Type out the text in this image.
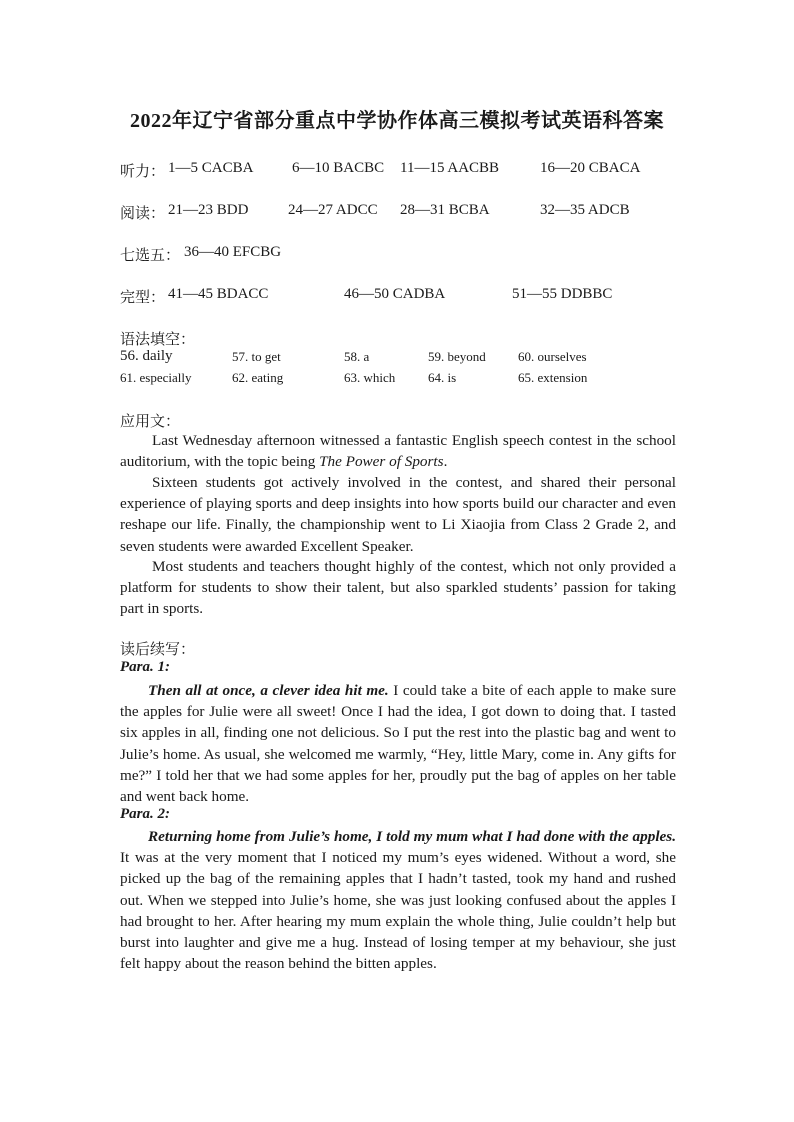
2022年辽宁省部分重点中学协作体高三模拟考试英语科答案
听力： 1—5 CACBA	6—10 BACBC 11—15 AACBB	16—20 CBACA
阅读： 21—23 BDD	24—27 ADCC 28—31 BCBA	32—35 ADCB
七选五： 36—40 EFCBG
完型： 41—45 BDACC	46—50 CADBA	51—55 DDBBC
语法填空：
56. daily	57. to get	58. a	59. beyond 60. ourselves
61. especially	62. eating	63. which	64. is	65. extension
应用文：

Last Wednesday afternoon witnessed a fantastic English speech contest in the school auditorium, with the topic being The Power of Sports.

Sixteen students got actively involved in the contest, and shared their personal experience of playing sports and deep insights into how sports build our character and even reshape our life. Finally, the championship went to Li Xiaojia from Class 2 Grade 2, and seven students were awarded Excellent Speaker.

Most students and teachers thought highly of the contest, which not only provided a platform for students to show their talent, but also sparkled students’ passion for taking part in sports.

读后续写：
Para. 1:

Then all at once, a clever idea hit me. I could take a bite of each apple to make sure the apples for Julie were all sweet! Once I had the idea, I got down to doing that. I tasted six apples in all, finding one not delicious. So I put the rest into the plastic bag and went to Julie’s home. As usual, she welcomed me warmly, “Hey, little Mary, come in. Any gifts for me?” I told her that we had some apples for her, proudly put the bag of apples on her table and went back home.

Para. 2:

Returning home from Julie’s home, I told my mum what I had done with the apples. It was at the very moment that I noticed my mum’s eyes widened. Without a word, she picked up the bag of the remaining apples that I hadn’t tasted, took my hand and rushed out. When we stepped into Julie’s home, she was just looking confused about the apples I had brought to her. After hearing my mum explain the whole thing, Julie couldn’t help but burst into laughter and give me a hug. Instead of losing temper at my behaviour, she just felt happy about the reason behind the bitten apples.
